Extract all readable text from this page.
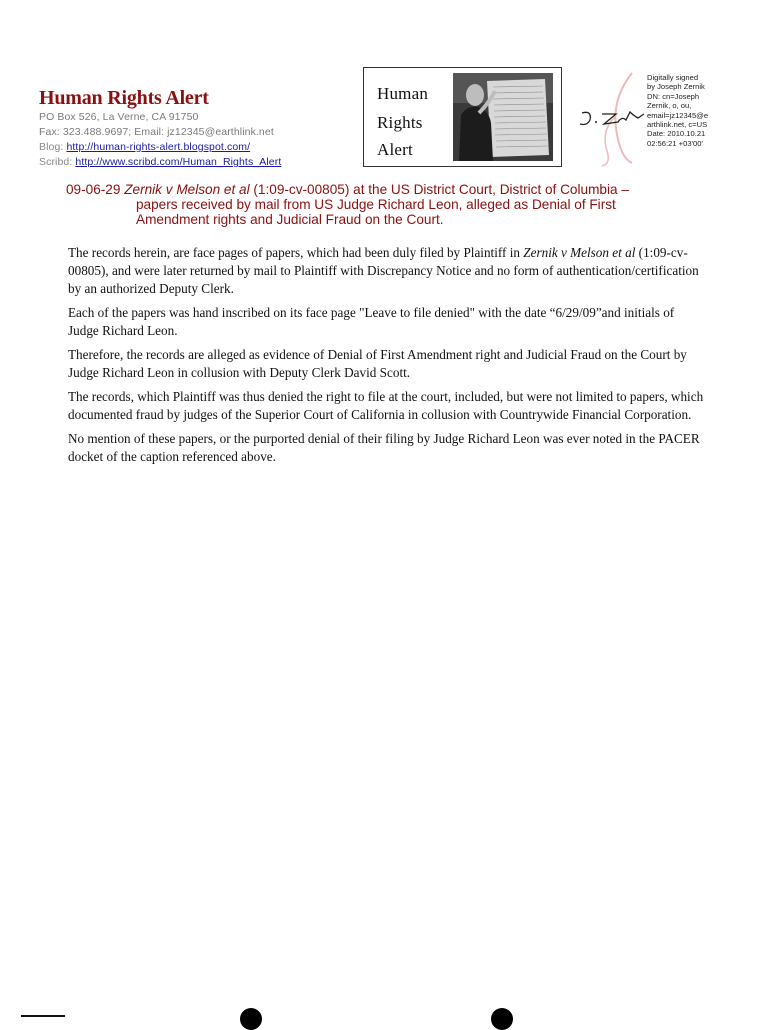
Human Rights Alert
PO Box 526, La Verne, CA 91750
Fax: 323.488.9697; Email: jz12345@earthlink.net
Blog: http://human-rights-alert.blogspot.com/
Scribd: http://www.scribd.com/Human_Rights_Alert
Human
Rights
Alert
Digitally signed
by Joseph Zernik
DN: cn=Joseph
Zernik, o, ou,
email=jz12345@e
arthlink.net, c=US
Date: 2010.10.21
02:56:21 +03'00'
09-06-29 Zernik v Melson et al (1:09-cv-00805) at the US District Court, District of Columbia –
papers received by mail from US Judge Richard Leon, alleged as Denial of First
Amendment rights and Judicial Fraud on the Court.

The records herein, are face pages of papers, which had been duly filed by Plaintiff in Zernik v Melson et al (1:09-cv-00805), and were later returned by mail to Plaintiff with Discrepancy Notice and no form of authentication/certification by an authorized Deputy Clerk.

Each of the papers was hand inscribed on its face page "Leave to file denied" with the date “6/29/09”and initials of Judge Richard Leon.

Therefore, the records are alleged as evidence of Denial of First Amendment right and Judicial Fraud on the Court by Judge Richard Leon in collusion with Deputy Clerk David Scott.

The records, which Plaintiff was thus denied the right to file at the court, included, but were not limited to papers, which documented fraud by judges of the Superior Court of California in collusion with Countrywide Financial Corporation.

No mention of these papers, or the purported denial of their filing by Judge Richard Leon was ever noted in the PACER docket of the caption referenced above.
